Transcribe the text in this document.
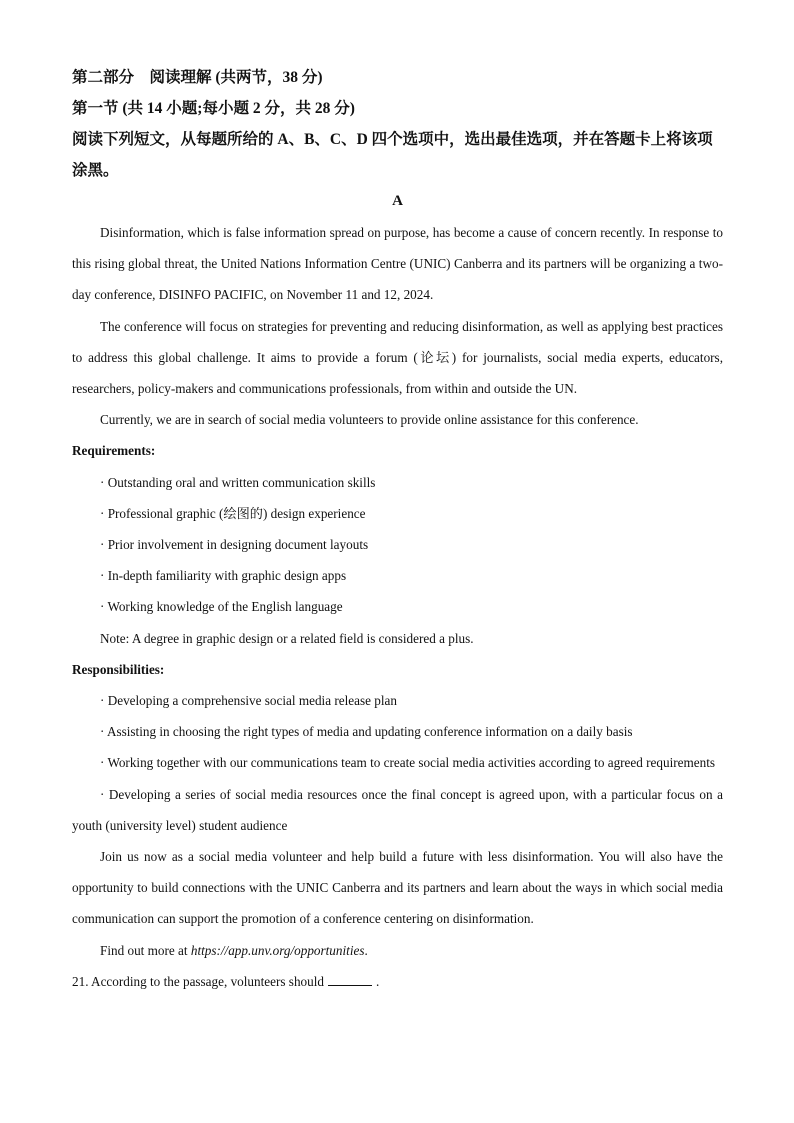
第二部分　阅读理解 (共两节，38 分)

第一节 (共 14 小题;每小题 2 分，共 28 分)

阅读下列短文，从每题所给的 A、B、C、D 四个选项中，选出最佳选项，并在答题卡上将该项涂黑。

A

Disinformation, which is false information spread on purpose, has become a cause of concern recently. In response to this rising global threat, the United Nations Information Centre (UNIC) Canberra and its partners will be organizing a two-day conference, DISINFO PACIFIC, on November 11 and 12, 2024.

The conference will focus on strategies for preventing and reducing disinformation, as well as applying best practices to address this global challenge. It aims to provide a forum (论坛) for journalists, social media experts, educators, researchers, policy-makers and communications professionals, from within and outside the UN.

Currently, we are in search of social media volunteers to provide online assistance for this conference.

Requirements:

· Outstanding oral and written communication skills

· Professional graphic (绘图的) design experience

· Prior involvement in designing document layouts

· In-depth familiarity with graphic design apps

· Working knowledge of the English language

Note: A degree in graphic design or a related field is considered a plus.

Responsibilities:

· Developing a comprehensive social media release plan

· Assisting in choosing the right types of media and updating conference information on a daily basis

· Working together with our communications team to create social media activities according to agreed requirements

· Developing a series of social media resources once the final concept is agreed upon, with a particular focus on a youth (university level) student audience

Join us now as a social media volunteer and help build a future with less disinformation. You will also have the opportunity to build connections with the UNIC Canberra and its partners and learn about the ways in which social media communication can support the promotion of a conference centering on disinformation.

Find out more at https://app.unv.org/opportunities.

21. According to the passage, volunteers should	.
